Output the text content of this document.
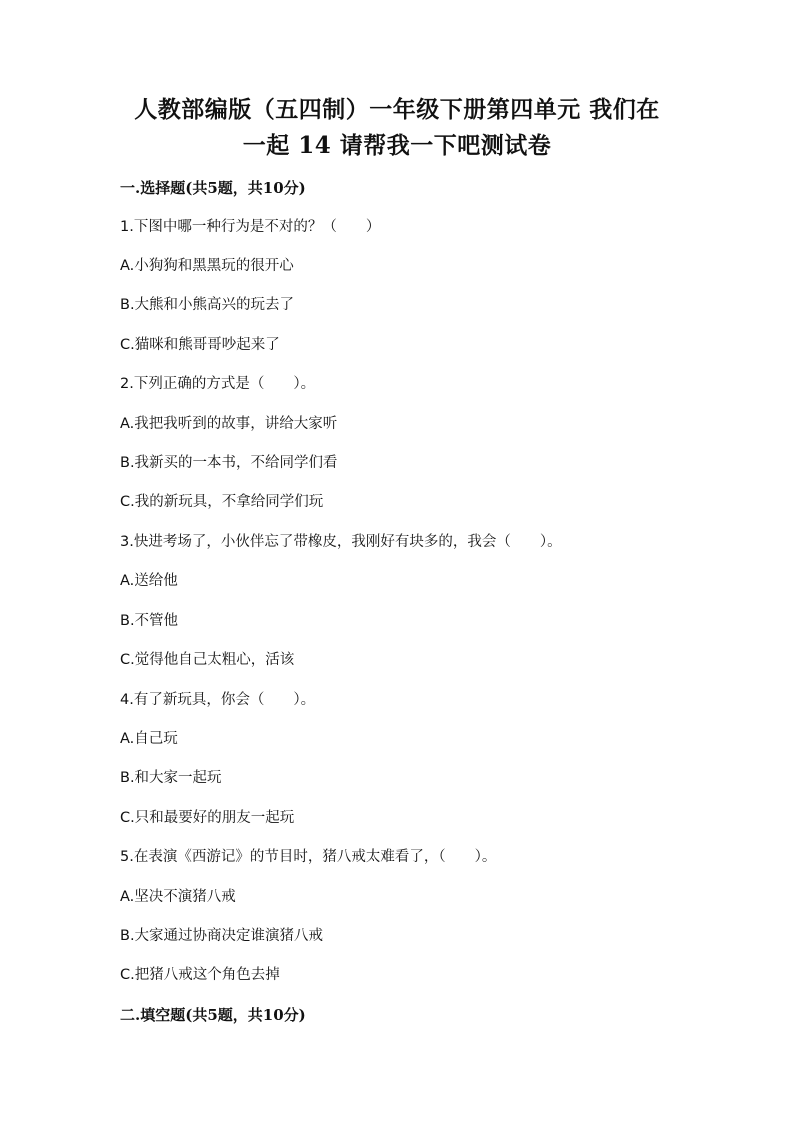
人教部编版（五四制）一年级下册第四单元 我们在
一起 14 请帮我一下吧测试卷
一.选择题(共5题，共10分)
1.下图中哪一种行为是不对的？（　　）
A.小狗狗和黑黑玩的很开心
B.大熊和小熊高兴的玩去了
C.猫咪和熊哥哥吵起来了
2.下列正确的方式是（　　）。
A.我把我听到的故事，讲给大家听
B.我新买的一本书，不给同学们看
C.我的新玩具，不拿给同学们玩
3.快进考场了，小伙伴忘了带橡皮，我刚好有块多的，我会（　　）。
A.送给他
B.不管他
C.觉得他自己太粗心，活该
4.有了新玩具，你会（　　）。
A.自己玩
B.和大家一起玩
C.只和最要好的朋友一起玩
5.在表演《西游记》的节目时，猪八戒太难看了，（　　）。
A.坚决不演猪八戒
B.大家通过协商决定谁演猪八戒
C.把猪八戒这个角色去掉
二.填空题(共5题，共10分)
